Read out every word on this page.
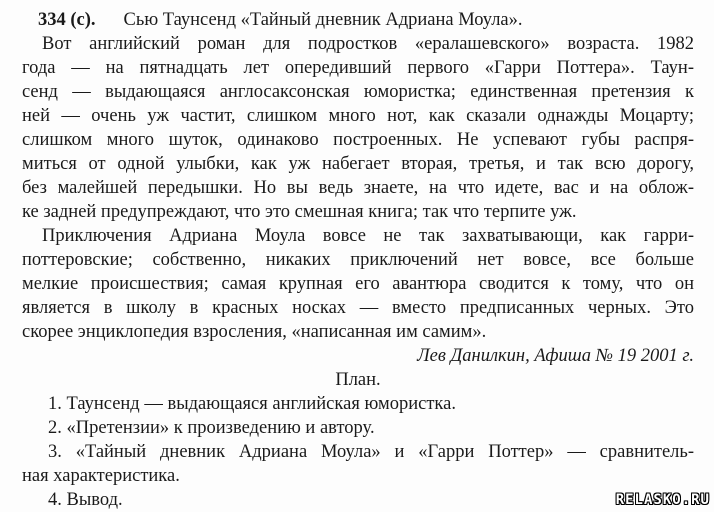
334 (с). Сью Таунсенд «Тайный дневник Адриана Моула».
Вот английский роман для подростков «ералашевского» возраста. 1982
года — на пятнадцать лет опередивший первого «Гарри Поттера». Таун-
сенд — выдающаяся англосаксонская юмористка; единственная претензия к
ней — очень уж частит, слишком много нот, как сказали однажды Моцарту;
слишком много шуток, одинаково построенных. Не успевают губы распря-
миться от одной улыбки, как уж набегает вторая, третья, и так всю дорогу,
без малейшей передышки. Но вы ведь знаете, на что идете, вас и на облож-
ке задней предупреждают, что это смешная книга; так что терпите уж.
Приключения Адриана Моула вовсе не так захватывающи, как гарри-
поттеровские; собственно, никаких приключений нет вовсе, все больше
мелкие происшествия; самая крупная его авантюра сводится к тому, что он
является в школу в красных носках — вместо предписанных черных. Это
скорее энциклопедия взросления, «написанная им самим».
Лев Данилкин, Афиша № 19 2001 г.
План.
1. Таунсенд — выдающаяся английская юмористка.
2. «Претензии» к произведению и автору.
3. «Тайный дневник Адриана Моула» и «Гарри Поттер» — сравнитель-
ная характеристика.
4. Вывод.	RELASKO.RU
